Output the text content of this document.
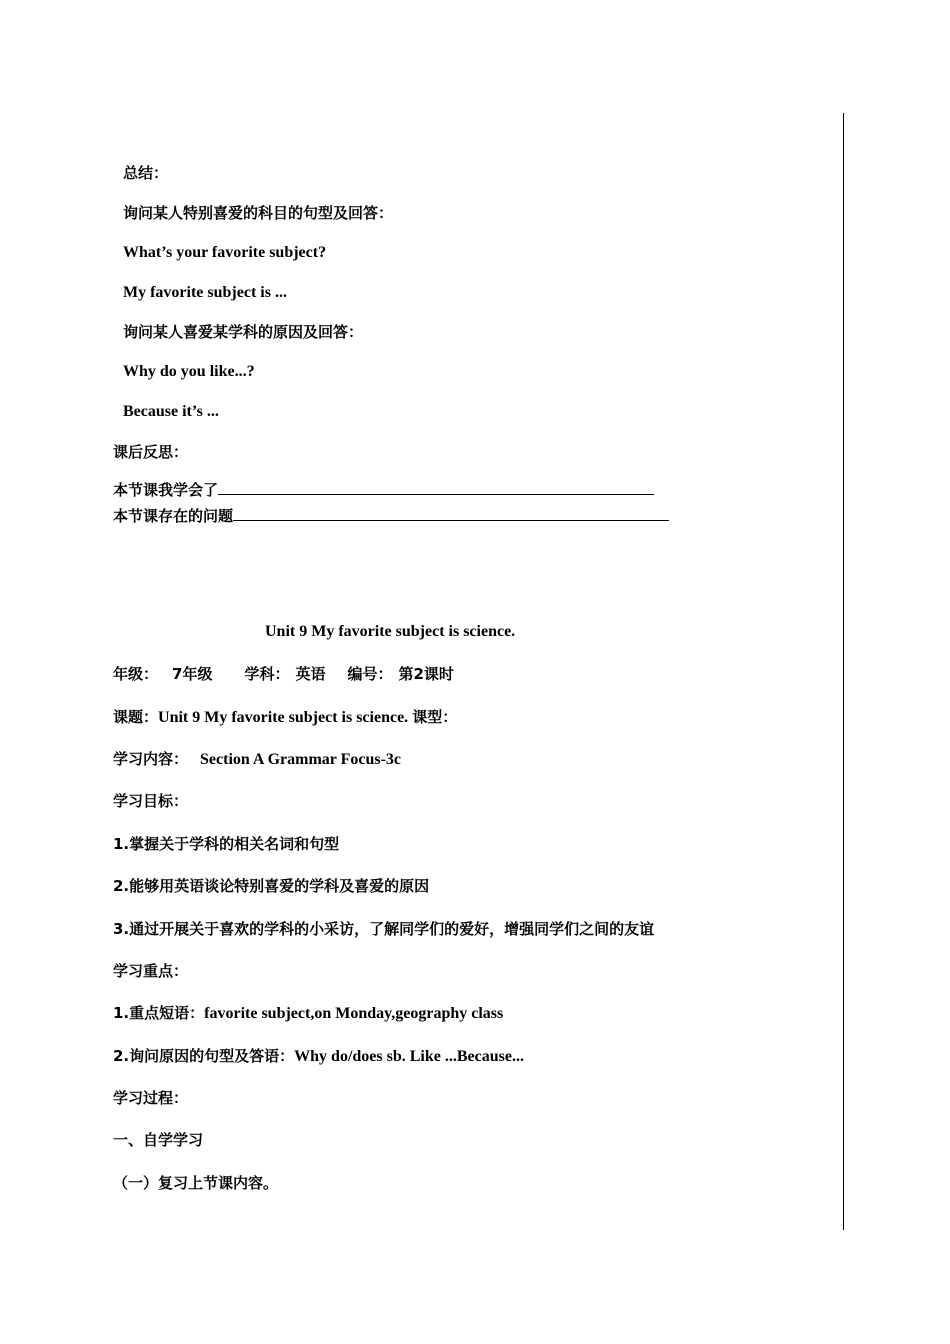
总结：
询问某人特别喜爱的科目的句型及回答：
What’s your favorite subject?
My favorite subject is ...
询问某人喜爱某学科的原因及回答：
Why do you like...?
Because it’s ...
课后反思：
本节课我学会了
本节课存在的问题
Unit 9 My favorite subject is science.
年级： 7年级 学科： 英语 编号： 第2课时
课题：Unit 9 My favorite subject is science. 课型：
学习内容： Section A Grammar Focus-3c
学习目标：
1.掌握关于学科的相关名词和句型
2.能够用英语谈论特别喜爱的学科及喜爱的原因
3.通过开展关于喜欢的学科的小采访，了解同学们的爱好，增强同学们之间的友谊
学习重点：
1.重点短语：favorite subject,on Monday,geography class
2.询问原因的句型及答语：Why do/does sb. Like ...Because...
学习过程：
一、自学学习
（一）复习上节课内容。
